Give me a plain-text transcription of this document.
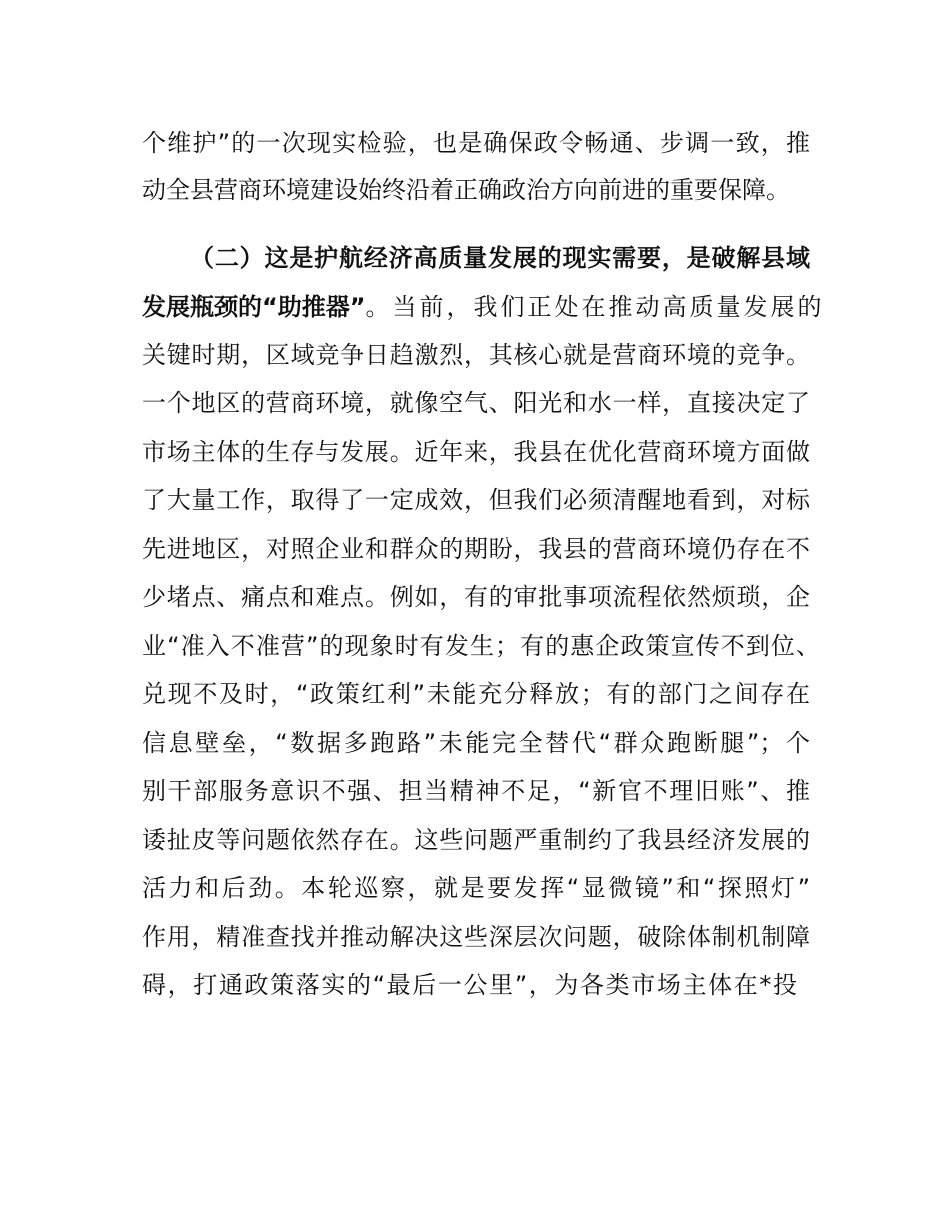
个维护”的一次现实检验，也是确保政令畅通、步调一致，推
动全县营商环境建设始终沿着正确政治方向前进的重要保障。
（二）这是护航经济高质量发展的现实需要，是破解县域
发展瓶颈的“助推器” 。当前，我们正处在推动高质量发展的
关键时期，区域竞争日趋激烈，其核心就是营商环境的竞争。
一个地区的营商环境，就像空气、阳光和水一样，直接决定了
市场主体的生存与发展。近年来，我县在优化营商环境方面做
了大量工作，取得了一定成效，但我们必须清醒地看到，对标
先进地区，对照企业和群众的期盼，我县的营商环境仍存在不
少堵点、痛点和难点。例如，有的审批事项流程依然烦琐，企
业“准入不准营”的现象时有发生；有的惠企政策宣传不到位、
兑现不及时，“政策红利”未能充分释放；有的部门之间存在
信息壁垒，“数据多跑路”未能完全替代“群众跑断腿”；个
别干部服务意识不强、担当精神不足，“新官不理旧账”、推
诿扯皮等问题依然存在。这些问题严重制约了我县经济发展的
活力和后劲。本轮巡察，就是要发挥“显微镜”和“探照灯”
作用，精准查找并推动解决这些深层次问题，破除体制机制障
碍，打通政策落实的“最后一公里”，为各类市场主体在*投
